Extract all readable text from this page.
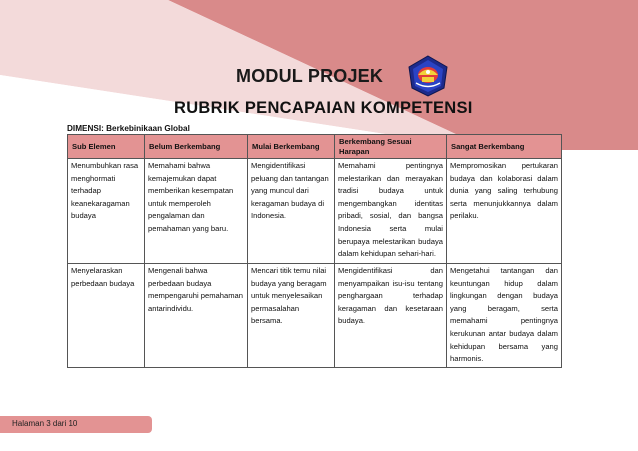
MODUL PROJEK
RUBRIK PENCAPAIAN KOMPETENSI
DIMENSI: Berkebinikaan Global
Sub Elemen	Belum Berkembang	Mulai Berkembang	Berkembang Sesuai Harapan	Sangat Berkembang
Menumbuhkan rasa menghormati terhadap keanekaragaman budaya	Memahami bahwa kemajemukan dapat memberikan kesempatan untuk memperoleh pengalaman dan pemahaman yang baru.	Mengidentifikasi peluang dan tantangan yang muncul dari keragaman budaya di Indonesia.	Memahami pentingnya melestarikan dan merayakan tradisi budaya untuk mengembangkan identitas pribadi, sosial, dan bangsa Indonesia serta mulai berupaya melestarikan budaya dalam kehidupan sehari-hari.	Mempromosikan pertukaran budaya dan kolaborasi dalam dunia yang saling terhubung serta menunjukkannya dalam perilaku.
Menyelaraskan perbedaan budaya	Mengenali bahwa perbedaan budaya mempengaruhi pemahaman antarindividu.	Mencari titik temu nilai budaya yang beragam untuk menyelesaikan permasalahan bersama.	Mengidentifikasi dan menyampaikan isu-isu tentang penghargaan terhadap keragaman dan kesetaraan budaya.	Mengetahui tantangan dan keuntungan hidup dalam lingkungan dengan budaya yang beragam, serta memahami pentingnya kerukunan antar budaya dalam kehidupan bersama yang harmonis.
Halaman 3 dari 10
